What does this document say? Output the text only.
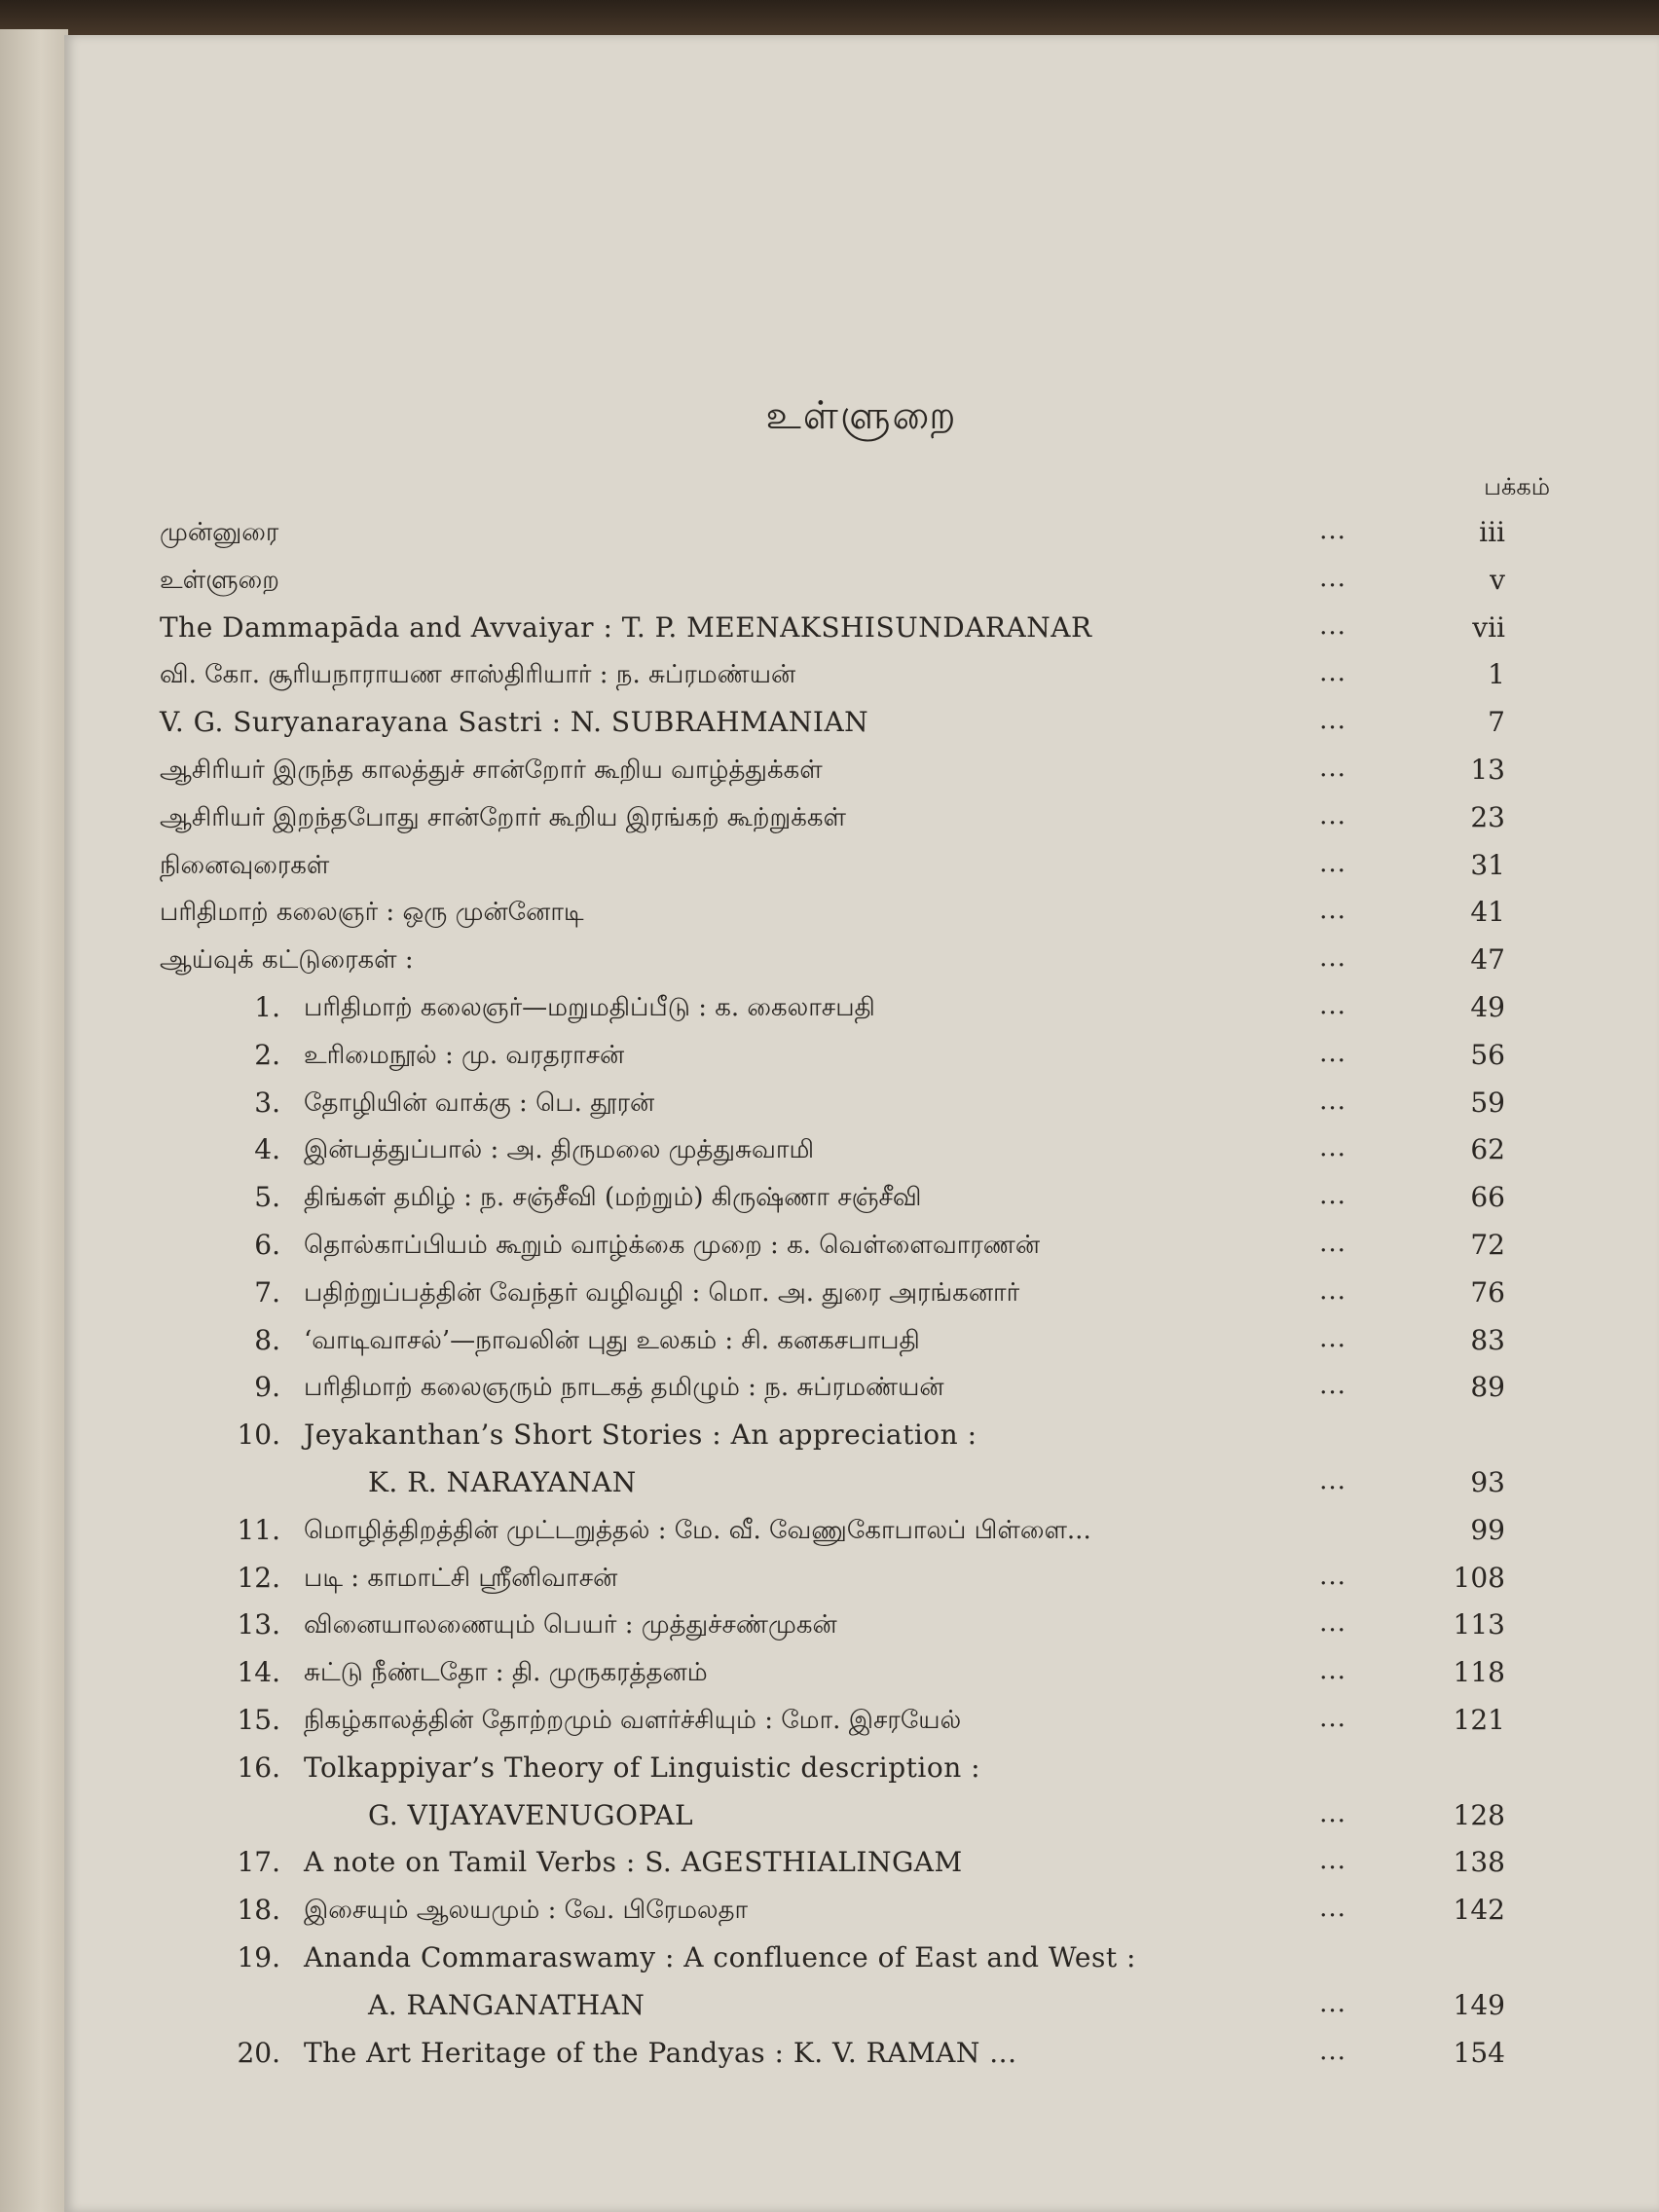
உள்ளுறை
பக்கம்
முன்னுரை	...	iii
உள்ளுறை	...	v
The Dammapāda and Avvaiyar : T. P. MEENAKSHISUNDARANAR	...	vii
வி. கோ. சூரியநாராயண சாஸ்திரியார் : ந. சுப்ரமண்யன்	...	1
V. G. Suryanarayana Sastri : N. SUBRAHMANIAN	...	7
ஆசிரியர் இருந்த காலத்துச் சான்றோர் கூறிய வாழ்த்துக்கள்	...	13
ஆசிரியர் இறந்தபோது சான்றோர் கூறிய இரங்கற் கூற்றுக்கள்	...	23
நினைவுரைகள்	...	31
பரிதிமாற் கலைஞர் : ஒரு முன்னோடி	...	41
ஆய்வுக் கட்டுரைகள் :	...	47
1. பரிதிமாற் கலைஞர்—மறுமதிப்பீடு : க. கைலாசபதி	...	49
2. உரிமைநூல் : மு. வரதராசன்	...	56
3. தோழியின் வாக்கு : பெ. தூரன்	...	59
4. இன்பத்துப்பால் : அ. திருமலை முத்துசுவாமி	...	62
5. திங்கள் தமிழ் : ந. சஞ்சீவி (மற்றும்) கிருஷ்ணா சஞ்சீவி	...	66
6. தொல்காப்பியம் கூறும் வாழ்க்கை முறை : க. வெள்ளைவாரணன்	...	72
7. பதிற்றுப்பத்தின் வேந்தர் வழிவழி : மொ. அ. துரை அரங்கனார்	...	76
8. ‘வாடிவாசல்’—நாவலின் புது உலகம் : சி. கனகசபாபதி	...	83
9. பரிதிமாற் கலைஞரும் நாடகத் தமிழும் : ந. சுப்ரமண்யன்	...	89
10. Jeyakanthan’s Short Stories : An appreciation :
K. R. NARAYANAN	...	93
11. மொழித்திறத்தின் முட்டறுத்தல் : மே. வீ. வேணுகோபாலப் பிள்ளை...	99
12. படி : காமாட்சி ஸ்ரீனிவாசன்	...	108
13. வினையாலணையும் பெயர் : முத்துச்சண்முகன்	...	113
14. சுட்டு நீண்டதோ : தி. முருகரத்தனம்	...	118
15. நிகழ்காலத்தின் தோற்றமும் வளர்ச்சியும் : மோ. இசரயேல்	...	121
16. Tolkappiyar’s Theory of Linguistic description :
G. VIJAYAVENUGOPAL	...	128
17. A note on Tamil Verbs : S. AGESTHIALINGAM	...	138
18. இசையும் ஆலயமும் : வே. பிரேமலதா	...	142
19. Ananda Commaraswamy : A confluence of East and West :
A. RANGANATHAN	...	149
20. The Art Heritage of the Pandyas : K. V. RAMAN ...	...	154
